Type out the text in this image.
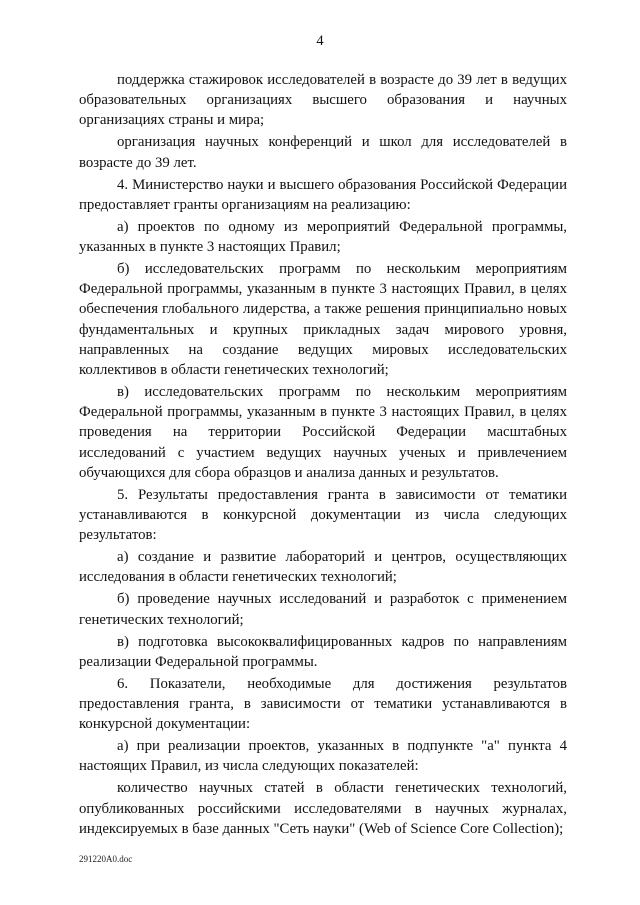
4

поддержка стажировок исследователей в возрасте до 39 лет в ведущих образовательных организациях высшего образования и научных организациях страны и мира;

организация научных конференций и школ для исследователей в возрасте до 39 лет.

4. Министерство науки и высшего образования Российской Федерации предоставляет гранты организациям на реализацию:

а) проектов по одному из мероприятий Федеральной программы, указанных в пункте 3 настоящих Правил;

б) исследовательских программ по нескольким мероприятиям Федеральной программы, указанным в пункте 3 настоящих Правил, в целях обеспечения глобального лидерства, а также решения принципиально новых фундаментальных и крупных прикладных задач мирового уровня, направленных на создание ведущих мировых исследовательских коллективов в области генетических технологий;

в) исследовательских программ по нескольким мероприятиям Федеральной программы, указанным в пункте 3 настоящих Правил, в целях проведения на территории Российской Федерации масштабных исследований с участием ведущих научных ученых и привлечением обучающихся для сбора образцов и анализа данных и результатов.

5. Результаты предоставления гранта в зависимости от тематики устанавливаются в конкурсной документации из числа следующих результатов:

а) создание и развитие лабораторий и центров, осуществляющих исследования в области генетических технологий;

б) проведение научных исследований и разработок с применением генетических технологий;

в) подготовка высококвалифицированных кадров по направлениям реализации Федеральной программы.

6. Показатели, необходимые для достижения результатов предоставления гранта, в зависимости от тематики устанавливаются в конкурсной документации:

а) при реализации проектов, указанных в подпункте "а" пункта 4 настоящих Правил, из числа следующих показателей:

количество научных статей в области генетических технологий, опубликованных российскими исследователями в научных журналах, индексируемых в базе данных "Сеть науки" (Web of Science Core Collection);

291220A0.doc
